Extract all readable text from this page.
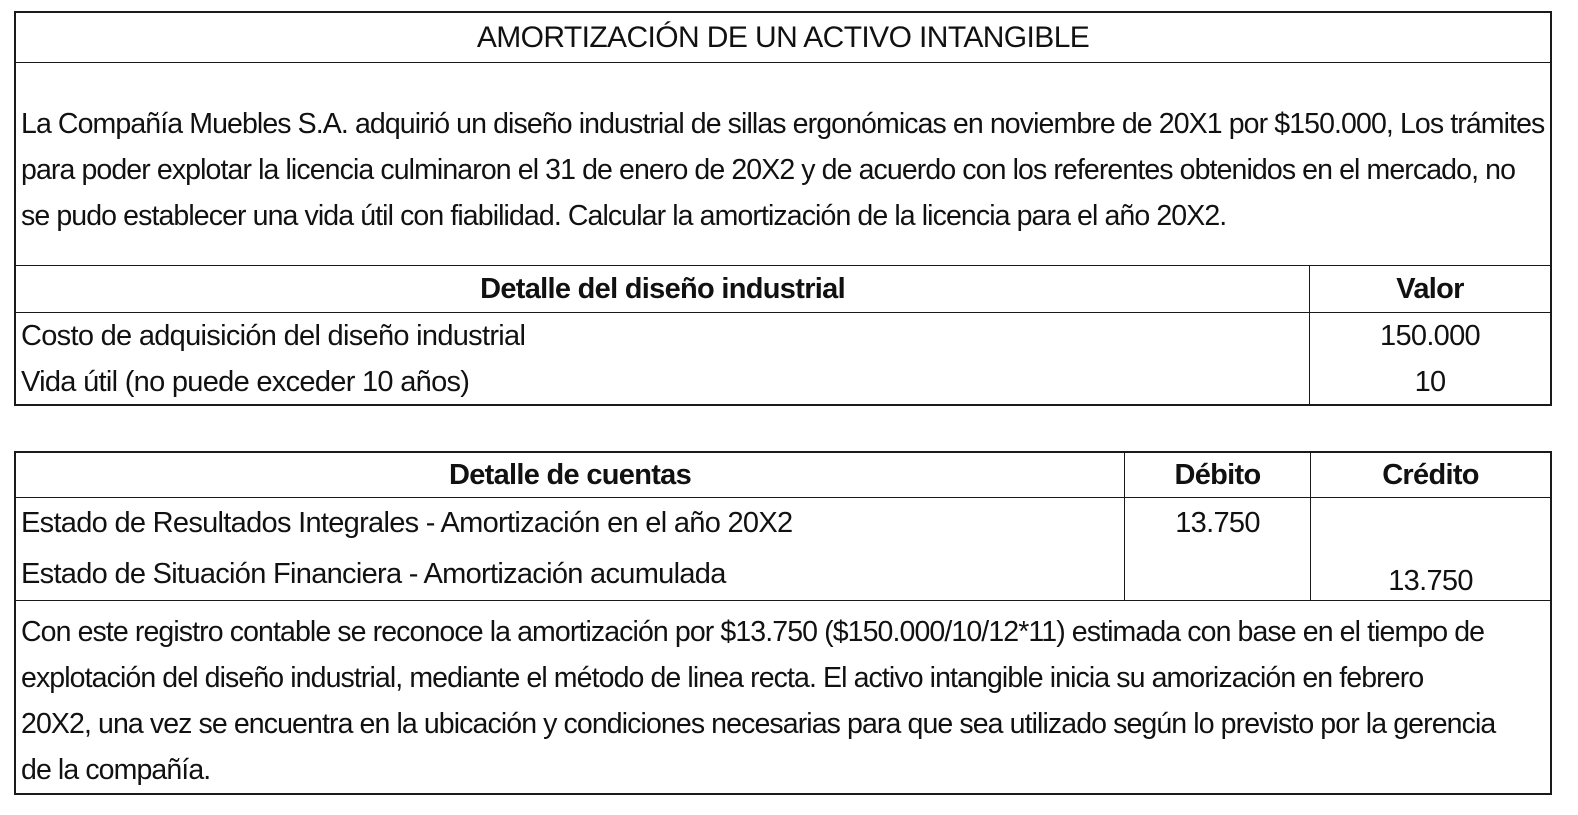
AMORTIZACIÓN DE UN ACTIVO INTANGIBLE
La Compañía Muebles S.A. adquirió un diseño industrial de sillas ergonómicas en noviembre de 20X1 por $150.000, Los trámites
para poder explotar la licencia culminaron el 31 de enero de 20X2 y de acuerdo con los referentes obtenidos en el mercado, no
se pudo establecer una vida útil con fiabilidad. Calcular la amortización de la licencia para el año 20X2.
Detalle del diseño industrial	Valor
Costo de adquisición del diseño industrial	150.000
Vida útil (no puede exceder 10 años)	10
Detalle de cuentas	Débito	Crédito
Estado de Resultados Integrales - Amortización en el año 20X2	13.750	
Estado de Situación Financiera - Amortización acumulada		13.750
Con este registro contable se reconoce la amortización por $13.750 ($150.000/10/12*11) estimada con base en el tiempo de
explotación del diseño industrial, mediante el método de linea recta. El activo intangible inicia su amorización en febrero
20X2, una vez se encuentra en la ubicación y condiciones necesarias para que sea utilizado según lo previsto por la gerencia
de la compañía.
